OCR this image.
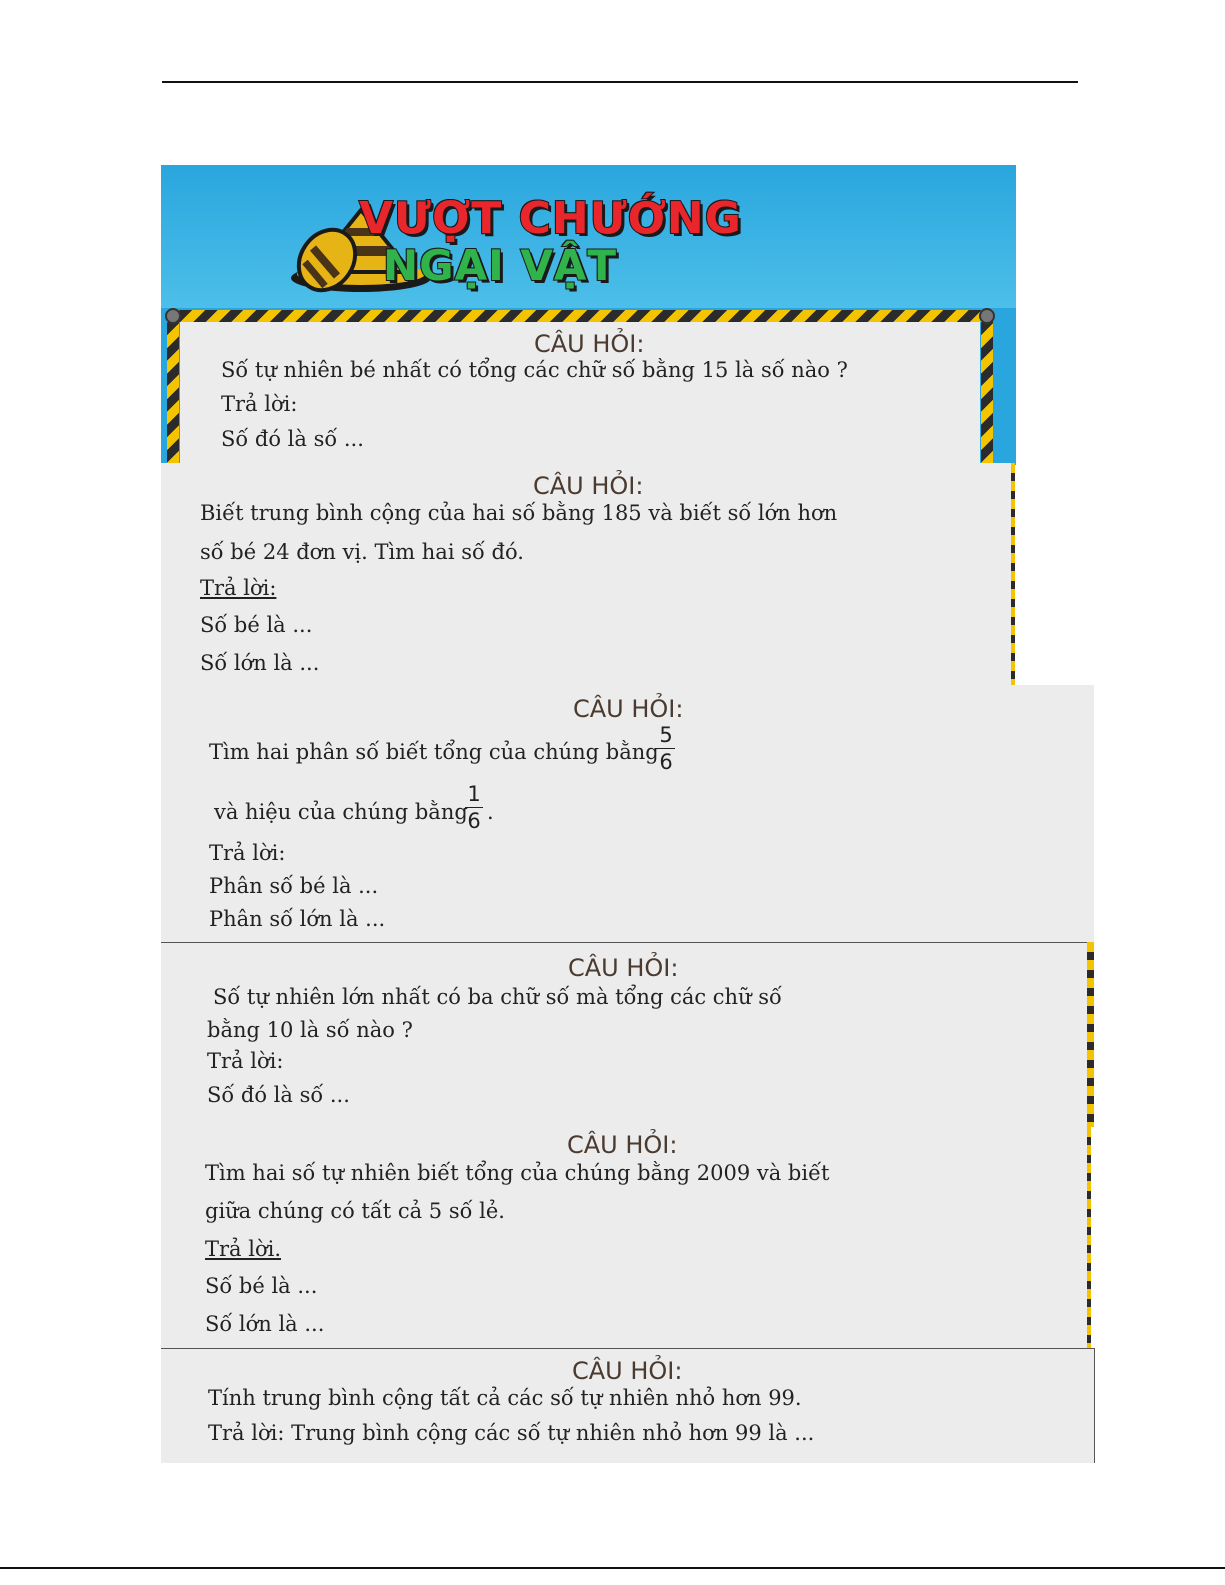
VƯỢT CHƯỚNG
NGẠI VẬT
CÂU HỎI:
Số tự nhiên bé nhất có tổng các chữ số bằng 15 là số nào ?
Trả lời:
Số đó là số ...
CÂU HỎI:
Biết trung bình cộng của hai số bằng 185 và biết số lớn hơn
số bé 24 đơn vị. Tìm hai số đó.
Trả lời:
Số bé là ...
Số lớn là ...
CÂU HỎI:
Tìm hai phân số biết tổng của chúng bằng
5
6
và hiệu của chúng bằng
1
6 .
Trả lời:
Phân số bé là ...
Phân số lớn là ...
CÂU HỎI:
Số tự nhiên lớn nhất có ba chữ số mà tổng các chữ số
bằng 10 là số nào ?
Trả lời:
Số đó là số ...
CÂU HỎI:
Tìm hai số tự nhiên biết tổng của chúng bằng 2009 và biết
giữa chúng có tất cả 5 số lẻ.
Trả lời.
Số bé là ...
Số lớn là ...
CÂU HỎI:
Tính trung bình cộng tất cả các số tự nhiên nhỏ hơn 99.
Trả lời: Trung bình cộng các số tự nhiên nhỏ hơn 99 là ...
